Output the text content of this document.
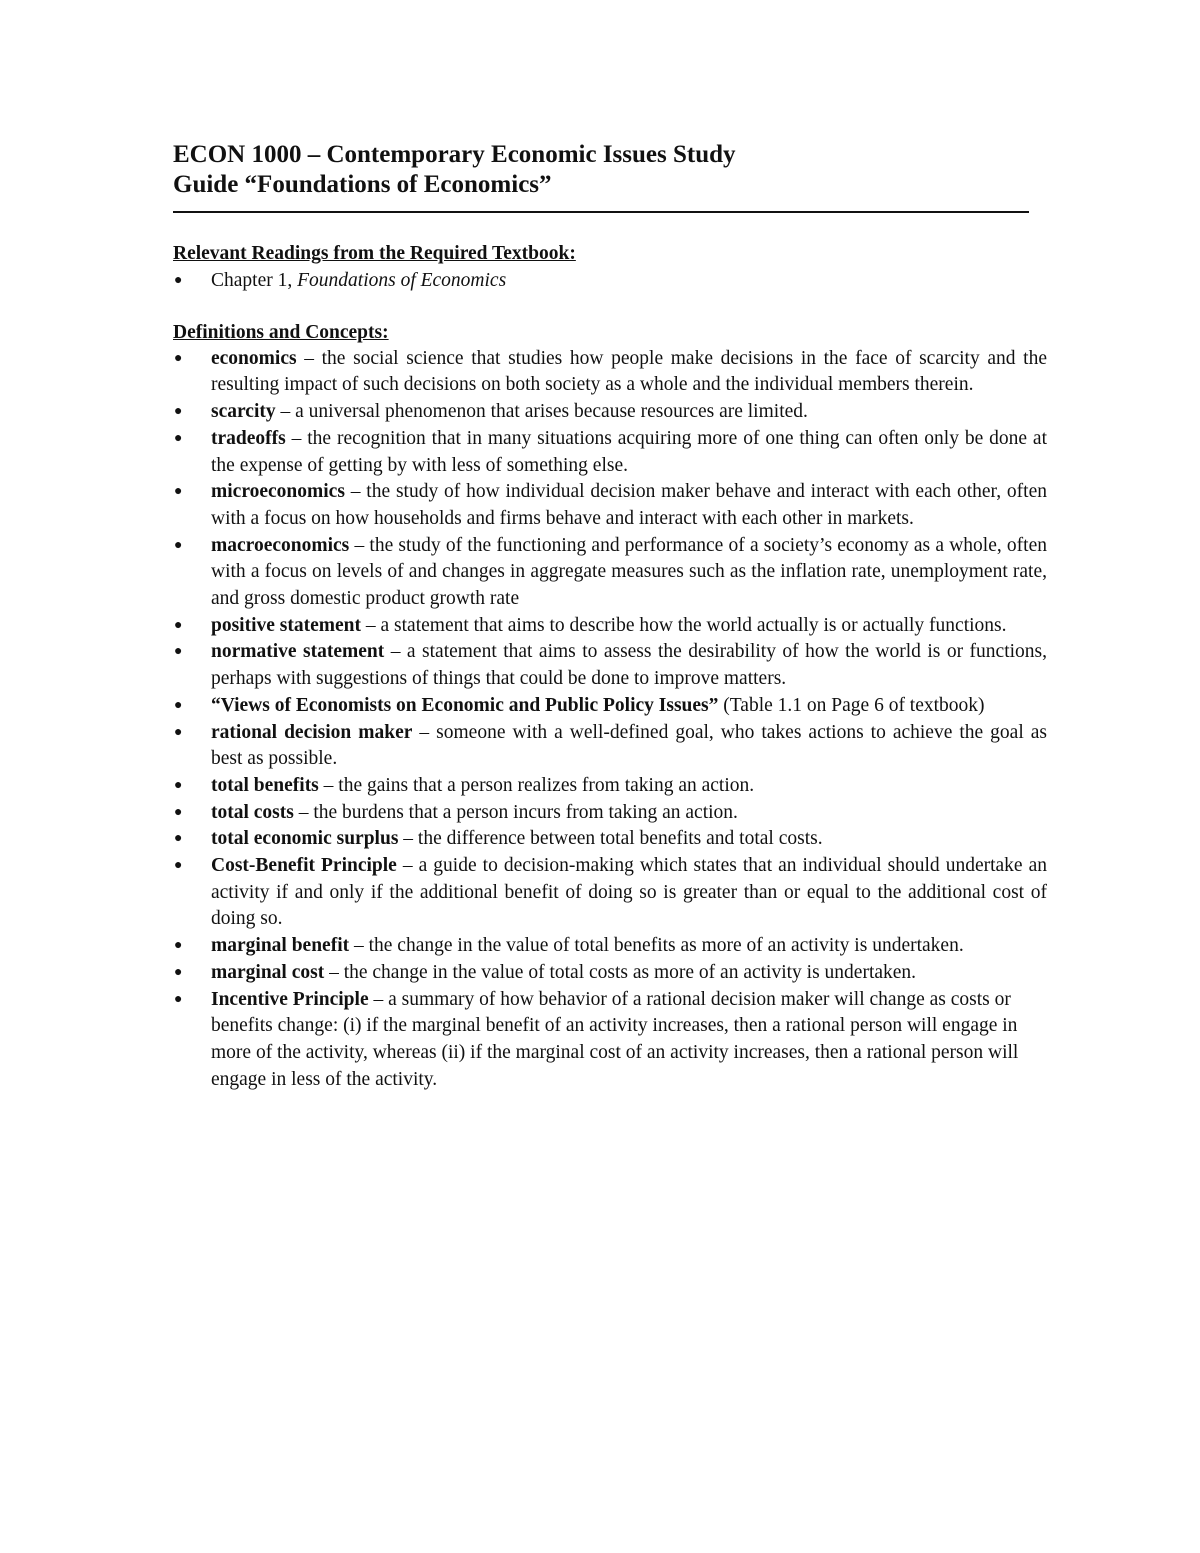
ECON 1000 – Contemporary Economic Issues Study
Guide “Foundations of Economics”
Relevant Readings from the Required Textbook:
● Chapter 1, Foundations of Economics
Definitions and Concepts:
● economics – the social science that studies how people make decisions in the face of scarcity and the resulting impact of such decisions on both society as a whole and the individual members therein.
● scarcity – a universal phenomenon that arises because resources are limited.
● tradeoffs – the recognition that in many situations acquiring more of one thing can often only be done at the expense of getting by with less of something else.
● microeconomics – the study of how individual decision maker behave and interact with each other, often with a focus on how households and firms behave and interact with each other in markets.
● macroeconomics – the study of the functioning and performance of a society’s economy as a whole, often with a focus on levels of and changes in aggregate measures such as the inflation rate, unemployment rate, and gross domestic product growth rate
● positive statement – a statement that aims to describe how the world actually is or actually functions.
● normative statement – a statement that aims to assess the desirability of how the world is or functions, perhaps with suggestions of things that could be done to improve matters.
● “Views of Economists on Economic and Public Policy Issues” (Table 1.1 on Page 6 of textbook)
● rational decision maker – someone with a well-defined goal, who takes actions to achieve the goal as best as possible.
● total benefits – the gains that a person realizes from taking an action.
● total costs – the burdens that a person incurs from taking an action.
● total economic surplus – the difference between total benefits and total costs.
● Cost-Benefit Principle – a guide to decision-making which states that an individual should undertake an activity if and only if the additional benefit of doing so is greater than or equal to the additional cost of doing so.
● marginal benefit – the change in the value of total benefits as more of an activity is undertaken.
● marginal cost – the change in the value of total costs as more of an activity is undertaken.
● Incentive Principle – a summary of how behavior of a rational decision maker will change as costs or benefits change: (i) if the marginal benefit of an activity increases, then a rational person will engage in more of the activity, whereas (ii) if the marginal cost of an activity increases, then a rational person will engage in less of the activity.
